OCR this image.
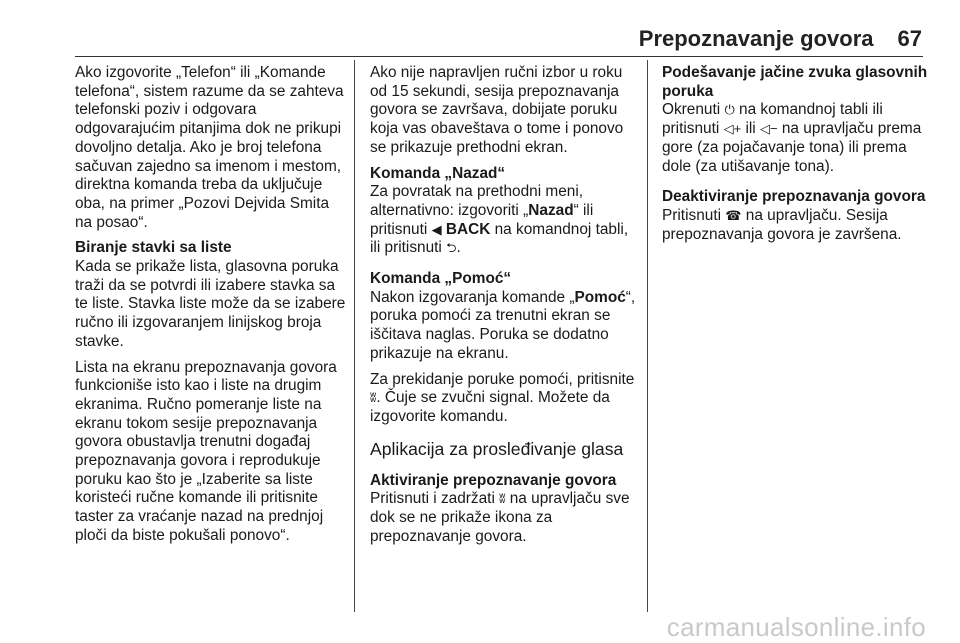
Prepoznavanje govora 67

Ako izgovorite „Telefon“ ili „Komande telefona“, sistem razume da se zahteva telefonski poziv i odgovara odgovarajućim pitanjima dok ne prikupi dovoljno detalja. Ako je broj telefona sačuvan zajedno sa imenom i mestom, direktna komanda treba da uključuje oba, na primer „Pozovi Dejvida Smita na posao“.

Biranje stavki sa liste

Kada se prikaže lista, glasovna poruka traži da se potvrdi ili izabere stavka sa te liste. Stavka liste može da se izabere ručno ili izgovaranjem linijskog broja stavke.

Lista na ekranu prepoznavanja govora funkcioniše isto kao i liste na drugim ekranima. Ručno pomeranje liste na ekranu tokom sesije prepoznavanja govora obustavlja trenutni događaj prepoznavanja govora i reprodukuje poruku kao što je „Izaberite sa liste koristeći ručne komande ili pritisnite taster za vraćanje nazad na prednjoj ploči da biste pokušali ponovo“.

Ako nije napravljen ručni izbor u roku od 15 sekundi, sesija prepoznavanja govora se završava, dobijate poruku koja vas obaveštava o tome i ponovo se prikazuje prethodni ekran.

Komanda „Nazad“

Za povratak na prethodni meni, alternativno: izgovoriti „Nazad“ ili pritisnuti ◀ BACK na komandnoj tabli, ili pritisnuti ⮌.

Komanda „Pomoć“

Nakon izgovaranja komande „Pomoć“, poruka pomoći za trenutni ekran se iščitava naglas. Poruka se dodatno prikazuje na ekranu.

Za prekidanje poruke pomoći, pritisnite ʬ. Čuje se zvučni signal. Možete da izgovorite komandu.

Aplikacija za prosleđivanje glasa
Aktiviranje prepoznavanje govora

Pritisnuti i zadržati ʬ na upravljaču sve dok se ne prikaže ikona za prepoznavanje govora.

Podešavanje jačine zvuka glasovnih poruka

Okrenuti ⏻ na komandnoj tabli ili pritisnuti ◁+ ili ◁− na upravljaču prema gore (za pojačavanje tona) ili prema dole (za utišavanje tona).

Deaktiviranje prepoznavanja govora

Pritisnuti ☎ na upravljaču. Sesija prepoznavanja govora je završena.

carmanualsonline.info
